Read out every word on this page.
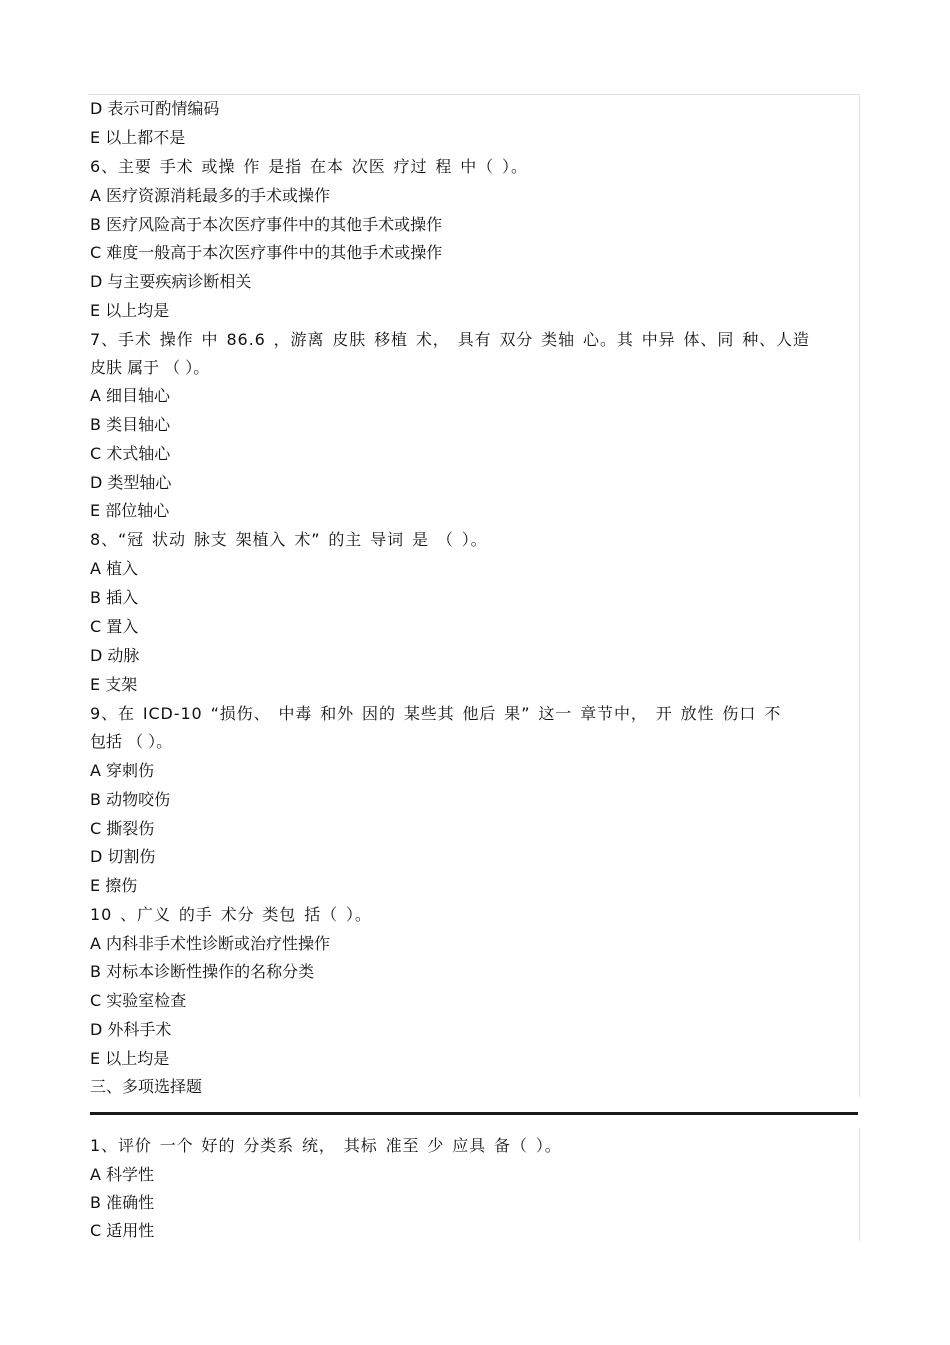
D 表示可酌情编码
E 以上都不是
6、主要 手术 或操 作 是指 在本 次医 疗过 程 中（ ）。
A 医疗资源消耗最多的手术或操作
B 医疗风险高于本次医疗事件中的其他手术或操作
C 难度一般高于本次医疗事件中的其他手术或操作
D 与主要疾病诊断相关
E 以上均是
7、手术 操作 中 86.6 ，游离 皮肤 移植 术， 具有 双分 类轴 心。其 中异 体、同 种、人造
皮肤 属于 （ ）。
A 细目轴心
B 类目轴心
C 术式轴心
D 类型轴心
E 部位轴心
8、“冠 状动 脉支 架植入 术” 的主 导词 是 （ ）。
A 植入
B 插入
C 置入
D 动脉
E 支架
9、在 ICD-10 “损伤、 中毒 和外 因的 某些其 他后 果” 这一 章节中， 开 放性 伤口 不
包括 （ ）。
A 穿刺伤
B 动物咬伤
C 撕裂伤
D 切割伤
E 擦伤
10 、广义 的手 术分 类包 括（ ）。
A 内科非手术性诊断或治疗性操作
B 对标本诊断性操作的名称分类
C 实验室检查
D 外科手术
E 以上均是
三、多项选择题
1、评价 一个 好的 分类系 统， 其标 准至 少 应具 备（ ）。
A 科学性
B 准确性
C 适用性
